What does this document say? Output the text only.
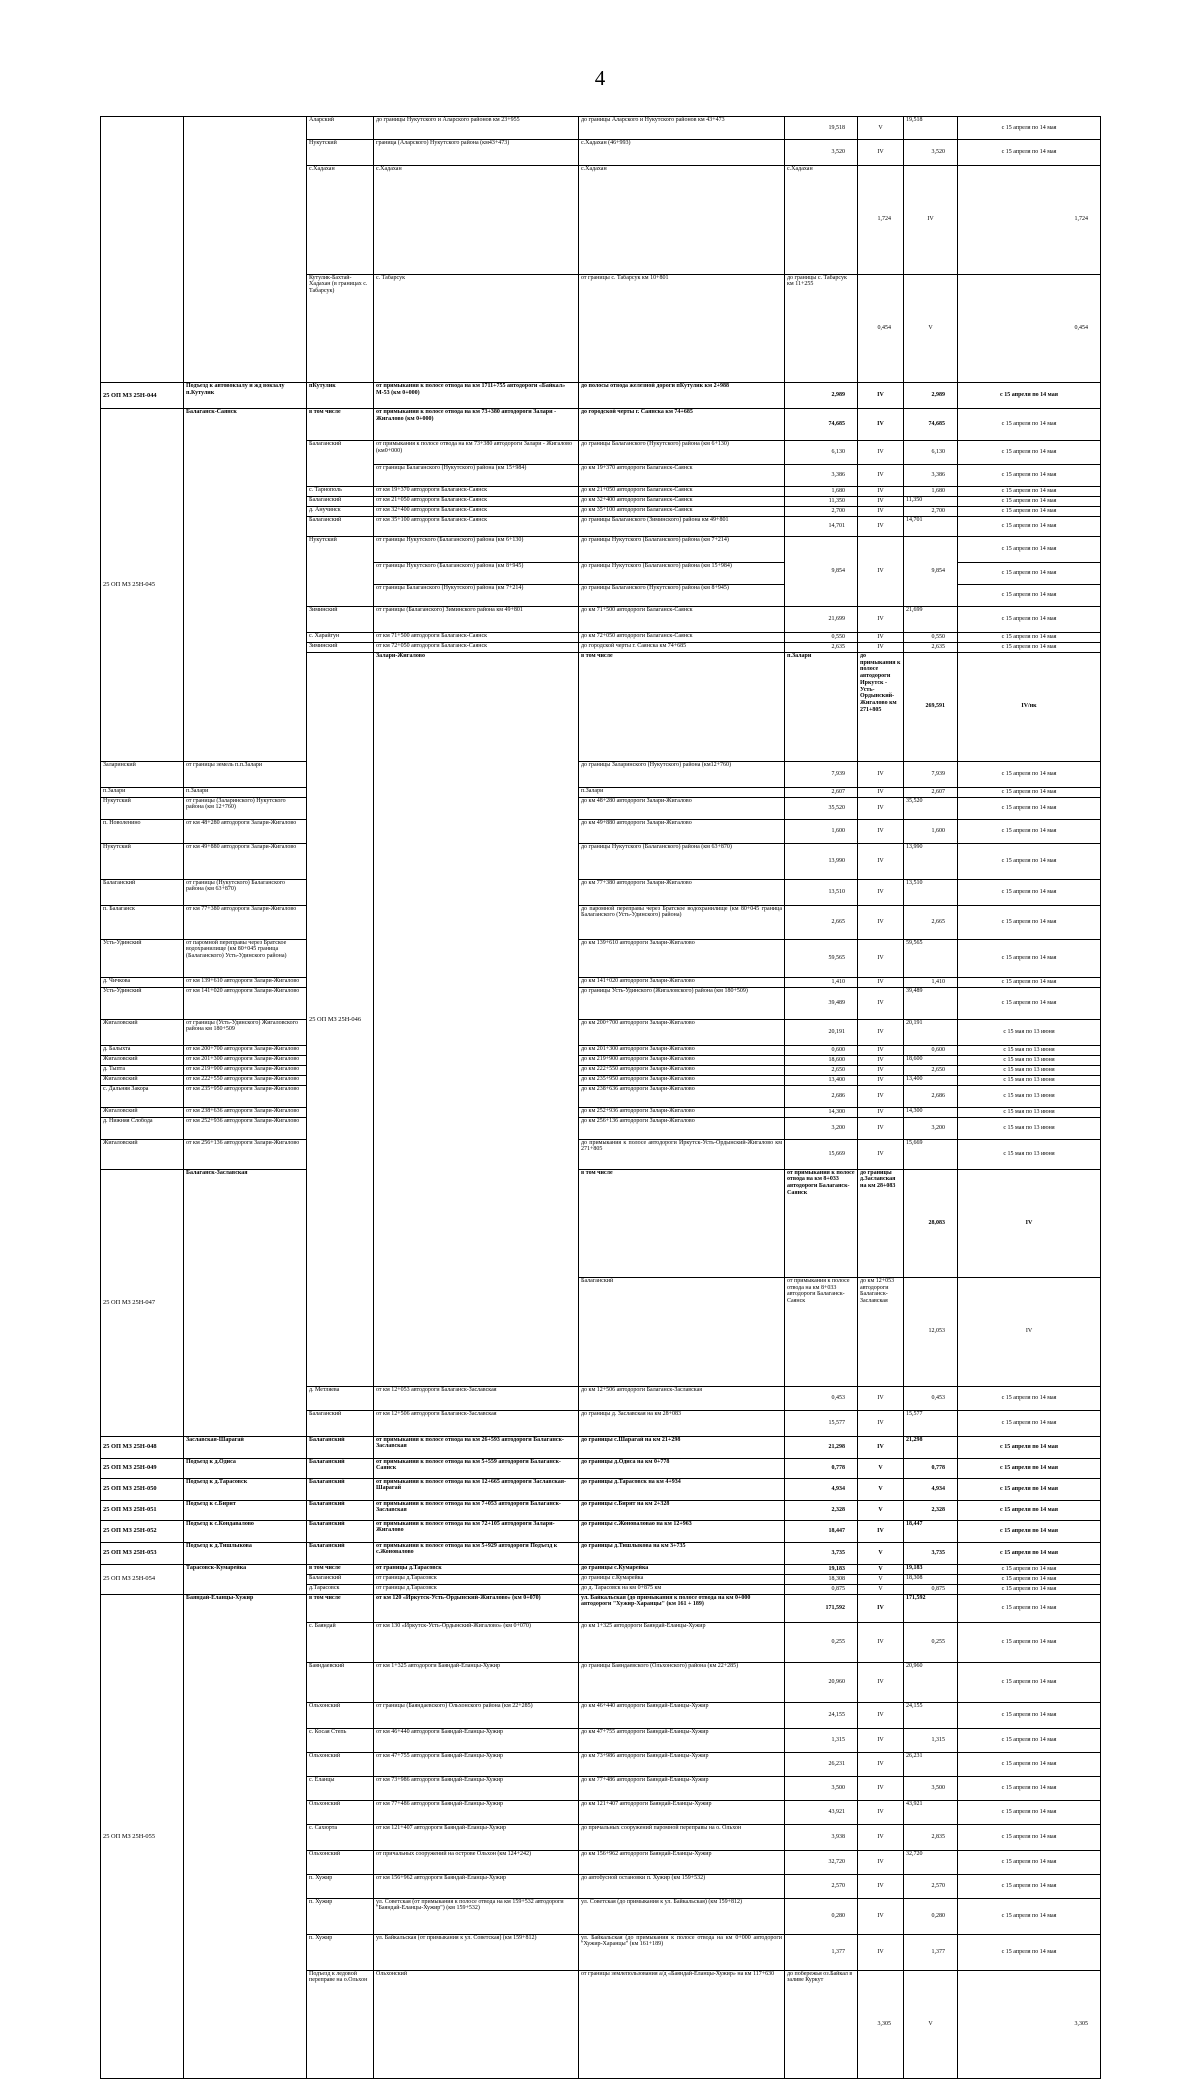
4
		Аларский	до границы Нукутского и Аларского районов км 23+955	до границы Аларского и Нукутского районов км 43+473	19,518	V	19,518	с 15 апреля по 14 мая	
		Нукутский	граница (Аларского) Нукутского района (км43+473)	с.Хадахан (46+993)	3,520	IV	3,520	с 15 апреля по 14 мая	
		с.Хадахан	с.Хадахан	с.Хадахан	с.Хадахан	1,724	IV	1,724	
		Кутулик-Бахтай-Хадахан (в границах с. Табарсук)	с. Табарсук	от границы с. Табарсук км 10+801	до границы с. Табарсук км 11+255	0,454	V	0,454	
25 ОП МЗ 25Н-044	Подъезд к автовокзалу и жд вокзалу п.Кутулик	пКутулик	от примыкания к полосе отвода на км 1711+755 автодороги «Байкал» М-53 (км 0+000)	до полосы отвода железной дороги пКутулик км 2+988	2,989	IV	2,989	с 15 апреля по 14 мая	
25 ОП МЗ 25Н-045	Балаганск-Саянск	в том числе	от примыкания к полосе отвода на км 73+380 автодороги Залари - Жигалово (км 0+000)	до городской черты г. Саянска км 74+685	74,685	IV	74,685	с 15 апреля по 14 мая	
		Балаганский	от примыкания к полосе отвода на км 73+380 автодороги Залари - Жигалово (км0+000)	до границы Балаганского (Нукутского) района (км 6+130)	6,130	IV	6,130	с 15 апреля по 14 мая	
			от границы Балаганского (Нукутского) района (км 15+984)	до км 19+370 автодороги Балаганск-Саянск	3,386	IV	3,386	с 15 апреля по 14 мая	
		с. Тарнополь	от км 19+370 автодороги Балаганск-Саянск	до км 21+050 автодороги Балаганск-Саянск	1,680	IV	1,680	с 15 апреля по 14 мая	
		Балаганский	от км 21+050 автодороги Балаганск-Саянск	до км 32+400 автодороги Балаганск-Саянск	11,350	IV	11,350	с 15 апреля по 14 мая	
		д. Анучинск	от км 32+400 автодороги Балаганск-Саянск	до км 35+100 автодороги Балаганск-Саянск	2,700	IV	2,700	с 15 апреля по 14 мая	
		Балаганский	от км 35+100 автодороги Балаганск-Саянск	до границы Балаганского (Зиминского) района км 49+801	14,701	IV	14,701	с 15 апреля по 14 мая	
		Нукутский	от границы Нукутского (Балаганского) района (км 6+130)	до границы Нукутского (Балаганского) района (км 7+214)	9,854	IV	9,854	с 15 апреля по 14 мая	
			от границы Нукутского (Балаганского) района (км 8+945)	до границы Нукутского (Балаганского) района (км 15+984)				с 15 апреля по 14 мая	
			от границы Балаганского (Нукутского) района (км 7+214)	до границы Балаганского (Нукутского) района (км 8+945)				с 15 апреля по 14 мая	
		Зиминский	от границы (Балаганского) Зиминского района км 49+801	до км 71+500 автодороги Балаганск-Саянск	21,699	IV	21,699	с 15 апреля по 14 мая	
		с. Харайгун	от км 71+500 автодороги Балаганск-Саянск	до км 72+050 автодороги Балаганск-Саянск	0,550	IV	0,550	с 15 апреля по 14 мая	
		Зиминский	от км 72+050 автодороги Балаганск-Саянск	до городской черты г. Саянска км 74+685	2,635	IV	2,635	с 15 апреля по 14 мая	
		25 ОП МЗ 25Н-046	Залари-Жигалово	в том числе	п.Залари	до примыкания к полосе автодороги Иркутск - Усть-Ордынский-Жигалово км 271+805	269,591	IV/нк		
Заларинский	от границы земель п.п.Залари			до границы Заларинского (Нукутского) района (км12+760)	7,939	IV	7,939	с 15 апреля по 14 мая	
п.Залари	п.Залари			п.Залари	2,607	IV	2,607	с 15 апреля по 14 мая	
Нукутский	от границы (Заларинского) Нукутского района (км 12+760)			до км 48+280 автодороги Залари-Жигалово	35,520	IV	35,520	с 15 апреля по 14 мая	
п. Новоленино	от км 48+280 автодороги Залари-Жигалово			до км 49+880 автодороги Залари-Жигалово	1,600	IV	1,600	с 15 апреля по 14 мая	
Нукутский	от км 49+880 автодороги Залари-Жигалово			до границы Нукутского (Балаганского) района (км 63+870)	13,990	IV	13,990	с 15 апреля по 14 мая	
Балаганский	от границы (Нукутского) Балаганского района (км 63+870)			до км 77+380 автодороги Залари-Жигалово	13,510	IV	13,510	с 15 апреля по 14 мая	
п. Балаганск	от км 77+380 автодороги Залари-Жигалово			до паромной переправы через Братское водохранилище (км 80+045 граница Балаганского (Усть-Удинского) района)	2,665	IV	2,665	с 15 апреля по 14 мая	
Усть-Удинский	от паромной переправы через Братское водохранилище (км 80+045 граница (Балаганского) Усть-Удинского района)			до км 139+610 автодороги Залари-Жигалово	59,565	IV	59,565	с 15 апреля по 14 мая	
д. Чичкова	от км 139+610 автодороги Залари-Жигалово			до км 141+020 автодороги Залари-Жигалово	1,410	IV	1,410	с 15 апреля по 14 мая	
Усть-Удинский	от км 141+020 автодороги Залари-Жигалово			до границы Усть-Удинского (Жигаловского) района (км 180+509)	39,489	IV	39,489	с 15 апреля по 14 мая	
Жигаловский	от границы (Усть-Удинского) Жигаловского района км 180+509			до км 200+700 автодороги Залари-Жигалово	20,191	IV	20,191	с 15 мая по 13 июня	
д. Балыхта	от км 200+700 автодороги Залари-Жигалово			до км 201+300 автодороги Залари-Жигалово	0,600	IV	0,600	с 15 мая по 13 июня	
Жигаловский	от км 201+300 автодороги Залари-Жигалово			до км 219+900 автодороги Залари-Жигалово	18,600	IV	18,600	с 15 мая по 13 июня	
д. Тыпта	от км 219+900 автодороги Залари-Жигалово			до км 222+550 автодороги Залари-Жигалово	2,650	IV	2,650	с 15 мая по 13 июня	
Жигаловский	от км 222+550 автодороги Залари-Жигалово			до км 235+950 автодороги Залари-Жигалово	13,400	IV	13,400	с 15 мая по 13 июня	
с. Дальняя Закора	от км 235+950 автодороги Залари-Жигалово			до км 238+636 автодороги Залари-Жигалово	2,686	IV	2,686	с 15 мая по 13 июня	
Жигаловский	от км 238+636 автодороги Залари-Жигалово			до км 252+936 автодороги Залари-Жигалово	14,300	IV	14,300	с 15 мая по 13 июня	
д. Нижняя Слобода	от км 252+936 автодороги Залари-Жигалово			до км 256+136 автодороги Залари-Жигалово	3,200	IV	3,200	с 15 мая по 13 июня	
Жигаловский	от км 256+136 автодороги Залари-Жигалово			до примыкания к полосе автодороги Иркутск-Усть-Ордынский-Жигалово км 271+805	15,669	IV	15,669	с 15 мая по 13 июня	
25 ОП МЗ 25Н-047	Балаганск-Заславская			в том числе	от примыкания к полосе отвода на км 8+033 автодороги Балаганск-Саянск	до границы д.Заславская на км 28+083	28,083	IV		
				Балаганский	от примыкания к полосе отвода на км 8+033 автодороги Балаганск-Саянск	до км 12+053 автодороги Балаганск-Заславская	12,053	IV		
		д. Метляева	от км 12+053 автодороги Балаганск-Заславская	до км 12+506 автодороги Балаганск-Заславская	0,453	IV	0,453	с 15 апреля по 14 мая	
		Балаганский	от км 12+506 автодороги Балаганск-Заславская	до границы д. Заславская на км 28+083	15,577	IV	15,577	с 15 апреля по 14 мая	
25 ОП МЗ 25Н-048	Заславская-Шарагай	Балаганский	от примыкания к полосе отвода на км 26+593 автодороги Балаганск-Заславская	до границы с.Шарагай на км 21+298	21,298	IV	21,298	с 15 апреля по 14 мая	
25 ОП МЗ 25Н-049	Подъезд к д.Одиса	Балаганский	от примыкания к полосе отвода на км 5+559 автодороги Балаганск-Саянск	до границы д.Одиса на км 0+778	0,778	V	0,778	с 15 апреля по 14 мая	
25 ОП МЗ 25Н-050	Подъезд к д.Тарасовск	Балаганский	от примыкания к полосе отвода на км 12+665 автодороги Заславская-Шарагай	до границы д.Тарасовск на км 4+934	4,934	V	4,934	с 15 апреля по 14 мая	
25 ОП МЗ 25Н-051	Подъезд к с.Бирит	Балаганский	от примыкания к полосе отвода на км 7+053 автодороги Балаганск-Заславская	до границы с.Бирит на км 2+328	2,328	V	2,328	с 15 апреля по 14 мая	
25 ОП МЗ 25Н-052	Подъезд к с.Кондавалово	Балаганский	от примыкания к полосе отвода на км 72+105 автодороги Залари-Жигалово	до границы с.Жоноваловао на км 12+963	18,447	IV	18,447	с 15 апреля по 14 мая	
25 ОП МЗ 25Н-053	Подъезд к д.Тишлыкова	Балаганский	от примыкания к полосе отвода на км 5+929 автодороги Подъезд к с.Жоновалово	до границы д.Тишлыкова на км 3+735	3,735	V	3,735	с 15 апреля по 14 мая	
25 ОП МЗ 25Н-054	Тарасовск-Кумарейка	в том числе	от границы д.Тарасовск	до границы с.Кумарейка	19,183	V	19,183	с 15 апреля по 14 мая	
		Балаганский	от границы д.Тарасовск	до границы с.Кумарейка	18,308	V	18,308	с 15 апреля по 14 мая	
		д.Тарасовск	от границы д.Тарасовск	до д. Тарасовск на км 0+875 км	0,875	V	0,875	с 15 апреля по 14 мая	
25 ОП МЗ 25Н-055	Баяндай-Еланцы-Хужир	в том числе	от км 120 «Иркутск-Усть-Ордынский-Жигалово» (км 0+070)	ул. Байкальская (до примыкания к полосе отвода на км 0+000 автодороги "Хужир-Харанцы" (км 161 + 189)	171,592	IV	171,592	с 15 апреля по 14 мая	
		с. Баяндай	от км 130 «Иркутск-Усть-Ордынский-Жигалово» (км 0+070)	до км 1+325 автодороги Баяндай-Еланцы-Хужир	0,255	IV	0,255	с 15 апреля по 14 мая	
		Баяндаевский	от км 1+325 автодороги Баяндай-Еланцы-Хужир	до границы Баяндаевского (Ольхонского) района (км 22+285)	20,960	IV	20,960	с 15 апреля по 14 мая	
		Ольхонский	от границы (Баяндаевского) Ольхонского района (км 22+285)	до км 46+440 автодороги Баяндай-Еланцы-Хужир	24,155	IV	24,155	с 15 апреля по 14 мая	
		с. Косая Степь	от км 46+440 автодороги Баяндай-Еланцы-Хужир	до км 47+755 автодороги Баяндай-Еланцы-Хужир	1,315	IV	1,315	с 15 апреля по 14 мая	
		Ольхонский	от км 47+755 автодороги Баяндай-Еланцы-Хужир	до км 73+986 автодороги Баяндай-Еланцы-Хужир	26,231	IV	26,231	с 15 апреля по 14 мая	
		с. Еланцы	от км 73+986 автодороги Баяндай-Еланцы-Хужир	до км 77+486 автодороги Баяндай-Еланцы-Хужир	3,500	IV	3,500	с 15 апреля по 14 мая	
		Ольхонский	от км 77+486 автодороги Баяндай-Еланцы-Хужир	до км 121+407 автодороги Баяндай-Еланцы-Хужир	43,921	IV	43,921	с 15 апреля по 14 мая	
		с. Сахюрта	от км 121+407 автодороги Баяндай-Еланцы-Хужир	до причальных сооружений паромной переправы на о. Ольхон	3,938	IV	2,835	с 15 апреля по 14 мая	
		Ольхонский	от причальных сооружений на острове Ольхон (км 124+242)	до км 156+962 автодороги Баяндай-Еланцы-Хужир	32,720	IV	32,720	с 15 апреля по 14 мая	
		п. Хужир	от км 156+962 автодороги Баяндай-Еланцы-Хужир	до автобусной остановки п. Хужир (км 159+532)	2,570	IV	2,570	с 15 апреля по 14 мая	
		п. Хужир	ул. Советская (от примыкания к полосе отвода на км 159+532 автодороги "Баяндай-Еланцы-Хужир") (км 159+532)	ул. Советская (до примыкания к ул. Байкальская) (км 159+812)	0,280	IV	0,280	с 15 апреля по 14 мая	
		п. Хужир	ул. Байкальская (от примыкания к ул. Советская) (км 159+812)	ул. Байкальская (до примыкания к полосе отвода на км 0+000 автодороги "Хужир-Харанцы" (км 161+189)	1,377	IV	1,377	с 15 апреля по 14 мая	
		Подъезд к ледовой переправе на о.Ольхон	Ольхонский	от границы землепользования а/д «Баяндай-Еланцы-Хужир» на км 117+630	до побережья оз.Байкал в заливе Куркут	3,305	V	3,305	
